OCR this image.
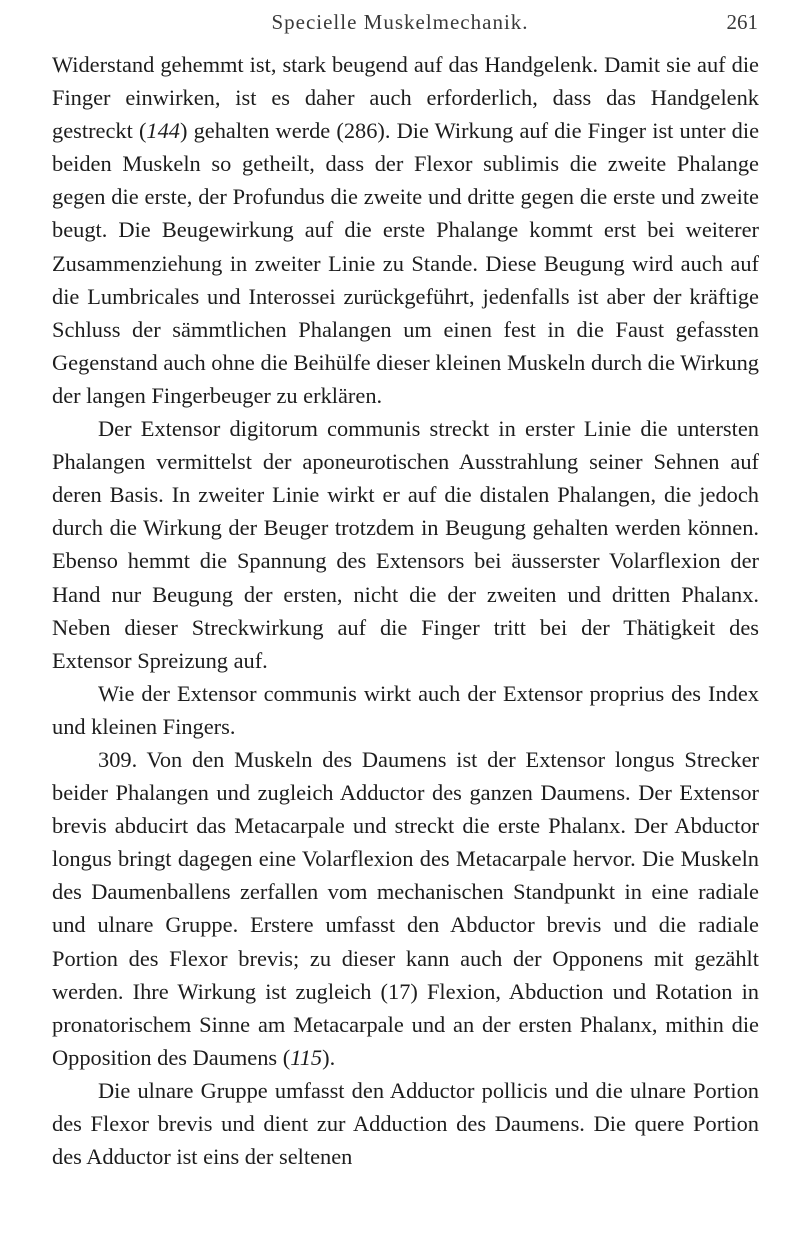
Specielle Muskelmechanik.	261

Widerstand gehemmt ist, stark beugend auf das Handgelenk. Damit sie auf die Finger einwirken, ist es daher auch erforderlich, dass das Handgelenk gestreckt (144) gehalten werde (286). Die Wirkung auf die Finger ist unter die beiden Muskeln so getheilt, dass der Flexor sublimis die zweite Phalange gegen die erste, der Profundus die zweite und dritte gegen die erste und zweite beugt. Die Beugewirkung auf die erste Phalange kommt erst bei weiterer Zusammenziehung in zweiter Linie zu Stande. Diese Beugung wird auch auf die Lumbricales und Interossei zurückgeführt, jedenfalls ist aber der kräftige Schluss der sämmtlichen Phalangen um einen fest in die Faust gefassten Gegenstand auch ohne die Beihülfe dieser kleinen Muskeln durch die Wirkung der langen Fingerbeuger zu erklären.

Der Extensor digitorum communis streckt in erster Linie die untersten Phalangen vermittelst der aponeurotischen Ausstrahlung seiner Sehnen auf deren Basis. In zweiter Linie wirkt er auf die distalen Phalangen, die jedoch durch die Wirkung der Beuger trotzdem in Beugung gehalten werden können. Ebenso hemmt die Spannung des Extensors bei äusserster Volarflexion der Hand nur Beugung der ersten, nicht die der zweiten und dritten Phalanx. Neben dieser Streckwirkung auf die Finger tritt bei der Thätigkeit des Extensor Spreizung auf.

Wie der Extensor communis wirkt auch der Extensor proprius des Index und kleinen Fingers.

309. Von den Muskeln des Daumens ist der Extensor longus Strecker beider Phalangen und zugleich Adductor des ganzen Daumens. Der Extensor brevis abducirt das Metacarpale und streckt die erste Phalanx. Der Abductor longus bringt dagegen eine Volarflexion des Metacarpale hervor. Die Muskeln des Daumenballens zerfallen vom mechanischen Standpunkt in eine radiale und ulnare Gruppe. Erstere umfasst den Abductor brevis und die radiale Portion des Flexor brevis; zu dieser kann auch der Opponens mit gezählt werden. Ihre Wirkung ist zugleich (17) Flexion, Abduction und Rotation in pronatorischem Sinne am Metacarpale und an der ersten Phalanx, mithin die Opposition des Daumens (115).

Die ulnare Gruppe umfasst den Adductor pollicis und die ulnare Portion des Flexor brevis und dient zur Adduction des Daumens. Die quere Portion des Adductor ist eins der seltenen
